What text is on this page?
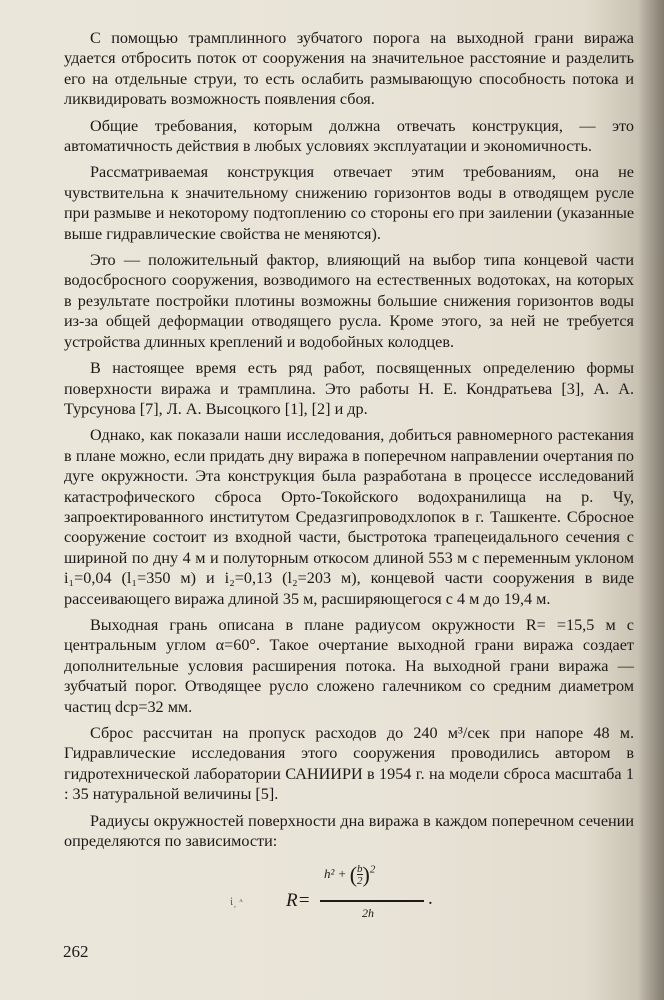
С помощью трамплинного зубчатого порога на выходной грани виража удается отбросить поток от сооружения на значительное расстояние и разделить его на отдельные струи, то есть ослабить размывающую способность потока и ликвидировать возможность появления сбоя.

Общие требования, которым должна отвечать конструкция, — это автоматичность действия в любых условиях эксплуатации и экономичность.

Рассматриваемая конструкция отвечает этим требованиям, она не чувствительна к значительному снижению горизонтов воды в отводящем русле при размыве и некоторому подтоплению со стороны его при заилении (указанные выше гидравлические свойства не меняются).

Это — положительный фактор, влияющий на выбор типа концевой части водосбросного сооружения, возводимого на естественных водотоках, на которых в результате постройки плотины возможны большие снижения горизонтов воды из-за общей деформации отводящего русла. Кроме этого, за ней не требуется устройства длинных креплений и водобойных колодцев.

В настоящее время есть ряд работ, посвященных определению формы поверхности виража и трамплина. Это работы Н. Е. Кондратьева [3], А. А. Турсунова [7], Л. А. Высоцкого [1], [2] и др.

Однако, как показали наши исследования, добиться равномерного растекания в плане можно, если придать дну виража в поперечном направлении очертания по дуге окружности. Эта конструкция была разработана в процессе исследований катастрофического сброса Орто-Токойского водохранилища на р. Чу, запроектированного институтом Средазгипроводхлопок в г. Ташкенте. Сбросное сооружение состоит из входной части, быстротока трапецеидального сечения с шириной по дну 4 м и полуторным откосом длиной 553 м с переменным уклоном i₁=0,04 (l₁=350 м) и i₂=0,13 (l₂=203 м), концевой части сооружения в виде рассеивающего виража длиной 35 м, расширяющегося с 4 м до 19,4 м.

Выходная грань описана в плане радиусом окружности R= =15,5 м с центральным углом α=60°. Такое очертание выходной грани виража создает дополнительные условия расширения потока. На выходной грани виража — зубчатый порог. Отводящее русло сложено галечником со средним диаметром частиц dср=32 мм.

Сброс рассчитан на пропуск расходов до 240 м³/сек при напоре 48 м. Гидравлические исследования этого сооружения проводились автором в гидротехнической лаборатории САНИИРИ в 1954 г. на модели сброса масштаба 1 : 35 натуральной величины [5].

Радиусы окружностей поверхности дна виража в каждом поперечном сечении определяются по зависимости:

ἰ͵ ᶺ R=
$h^2 + (\frac{b}{2})^2$
2h
.
262
